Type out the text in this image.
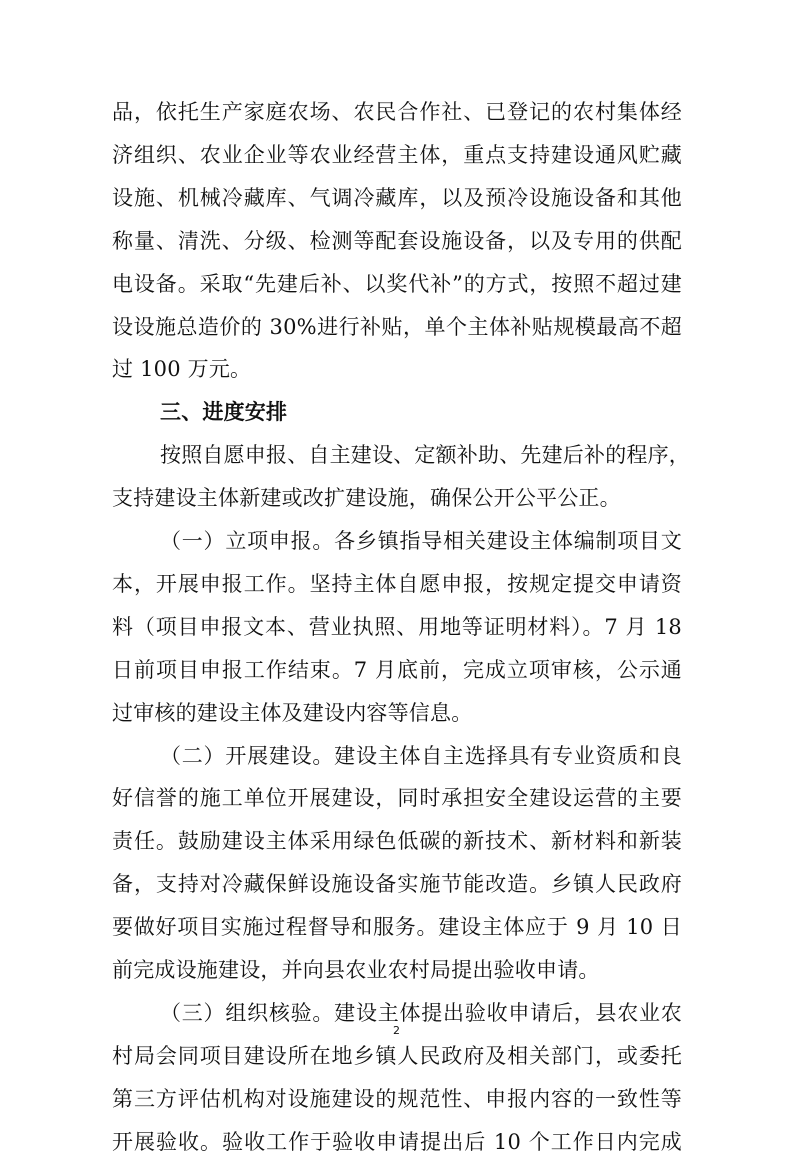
品，依托生产家庭农场、农民合作社、已登记的农村集体经
济组织、农业企业等农业经营主体，重点支持建设通风贮藏
设施、机械冷藏库、气调冷藏库，以及预冷设施设备和其他
称量、清洗、分级、检测等配套设施设备，以及专用的供配
电设备。采取“先建后补、以奖代补”的方式，按照不超过建
设设施总造价的 30%进行补贴，单个主体补贴规模最高不超
过 100 万元。
三、进度安排
按照自愿申报、自主建设、定额补助、先建后补的程序，
支持建设主体新建或改扩建设施，确保公开公平公正。
（一）立项申报。各乡镇指导相关建设主体编制项目文
本，开展申报工作。坚持主体自愿申报，按规定提交申请资
料（项目申报文本、营业执照、用地等证明材料）。7 月 18
日前项目申报工作结束。7 月底前，完成立项审核，公示通
过审核的建设主体及建设内容等信息。
（二）开展建设。建设主体自主选择具有专业资质和良
好信誉的施工单位开展建设，同时承担安全建设运营的主要
责任。鼓励建设主体采用绿色低碳的新技术、新材料和新装
备，支持对冷藏保鲜设施设备实施节能改造。乡镇人民政府
要做好项目实施过程督导和服务。建设主体应于 9 月 10 日
前完成设施建设，并向县农业农村局提出验收申请。
（三）组织核验。建设主体提出验收申请后，县农业农
村局会同项目建设所在地乡镇人民政府及相关部门，或委托
第三方评估机构对设施建设的规范性、申报内容的一致性等
开展验收。验收工作于验收申请提出后 10 个工作日内完成
2
